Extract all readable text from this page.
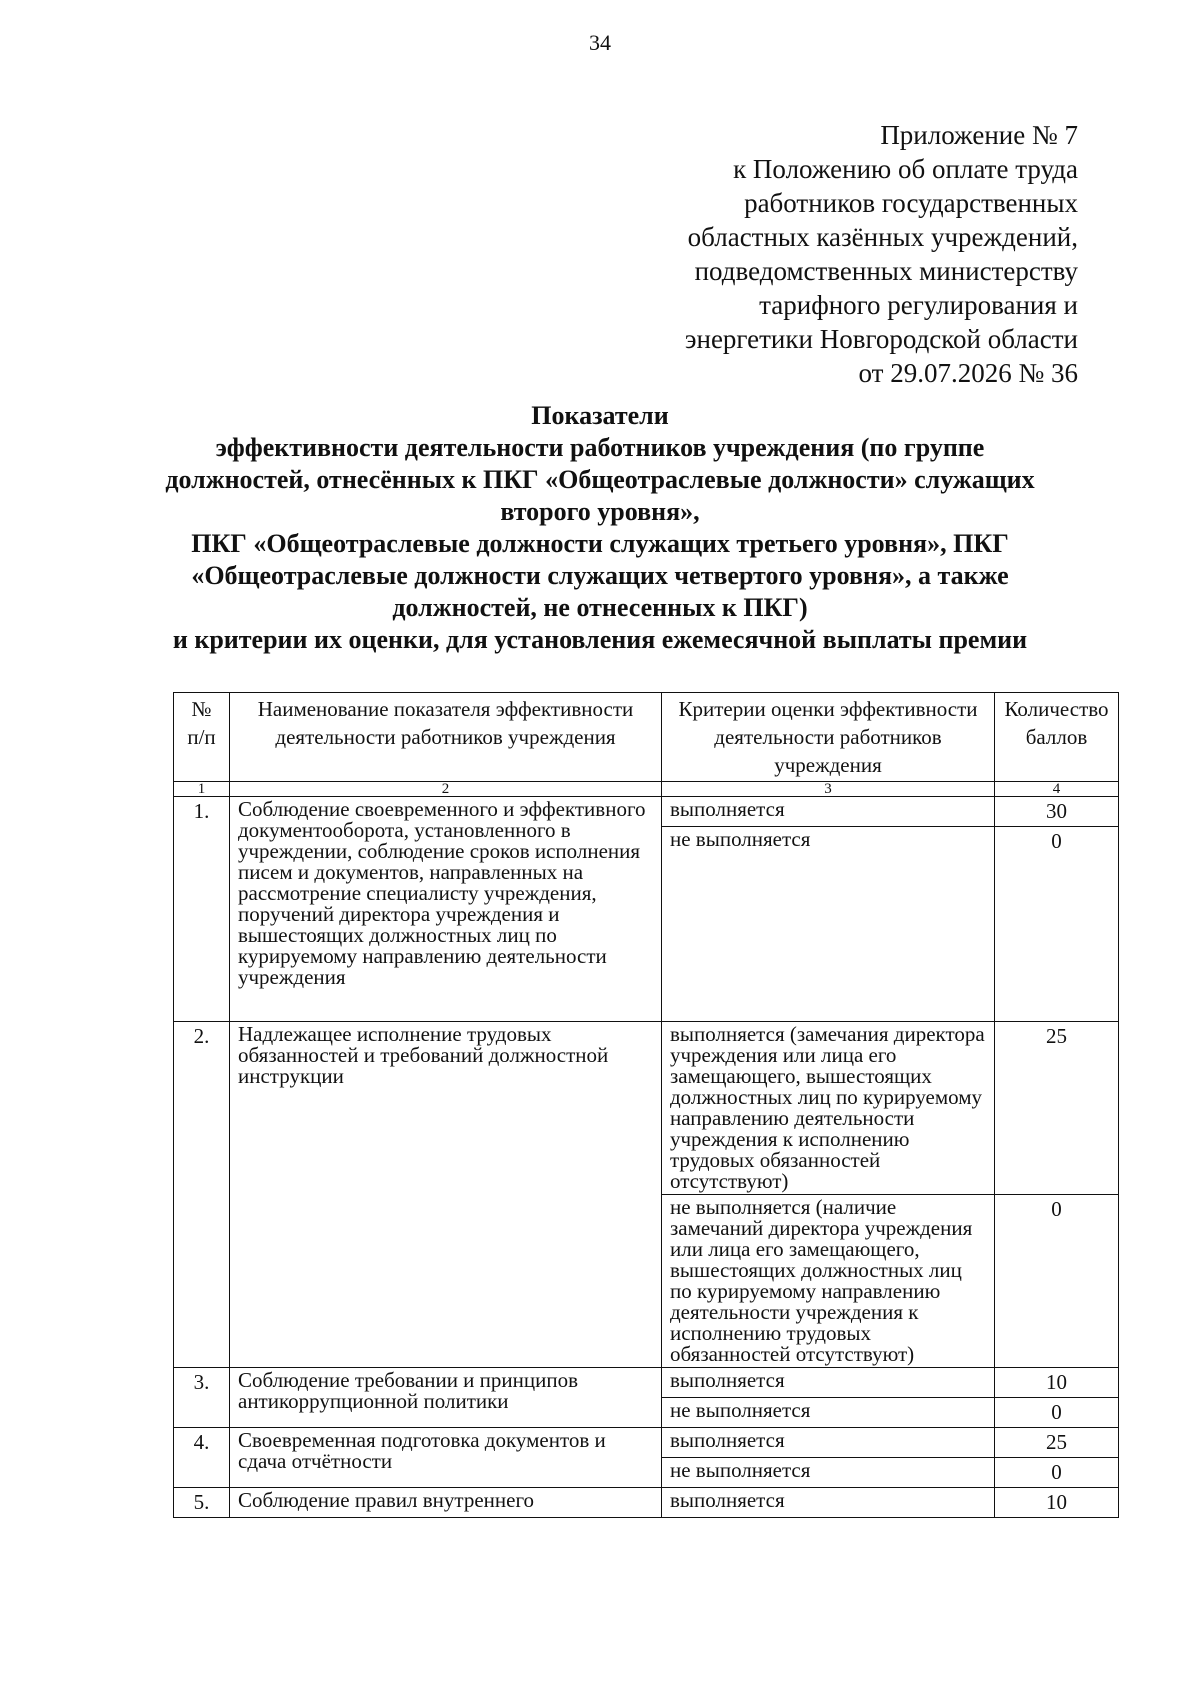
34
Приложение № 7
к Положению об оплате труда
работников государственных
областных казённых учреждений,
подведомственных министерству
тарифного регулирования и
энергетики Новгородской области
от 29.07.2026 № 36
Показатели
эффективности деятельности работников учреждения (по группе
должностей, отнесённых к ПКГ «Общеотраслевые должности» служащих
второго уровня»,
ПКГ «Общеотраслевые должности служащих третьего уровня», ПКГ
«Общеотраслевые должности служащих четвертого уровня», а также
должностей, не отнесенных к ПКГ)
и критерии их оценки, для установления ежемесячной выплаты премии
№ п/п	Наименование показателя эффективности деятельности работников учреждения	Критерии оценки эффективности деятельности работников учреждения	Количество баллов
1	2	3	4
1.	Соблюдение своевременного и эффективного документооборота, установленного в учреждении, соблюдение сроков исполнения писем и документов, направленных на рассмотрение специалисту учреждения, поручений директора учреждения и вышестоящих должностных лиц по курируемому направлению деятельности учреждения	выполняется	30
		не выполняется	0
2.	Надлежащее исполнение трудовых обязанностей и требований должностной инструкции	выполняется (замечания директора учреждения или лица его замещающего, вышестоящих должностных лиц по курируемому направлению деятельности учреждения к исполнению трудовых обязанностей отсутствуют)	25
		не выполняется (наличие замечаний директора учреждения или лица его замещающего, вышестоящих должностных лиц по курируемому направлению деятельности учреждения к исполнению трудовых обязанностей отсутствуют)	0
3.	Соблюдение требовании и принципов антикоррупционной политики	выполняется	10
		не выполняется	0
4.	Своевременная подготовка документов и сдача отчётности	выполняется	25
		не выполняется	0
5.	Соблюдение правил внутреннего	выполняется	10
